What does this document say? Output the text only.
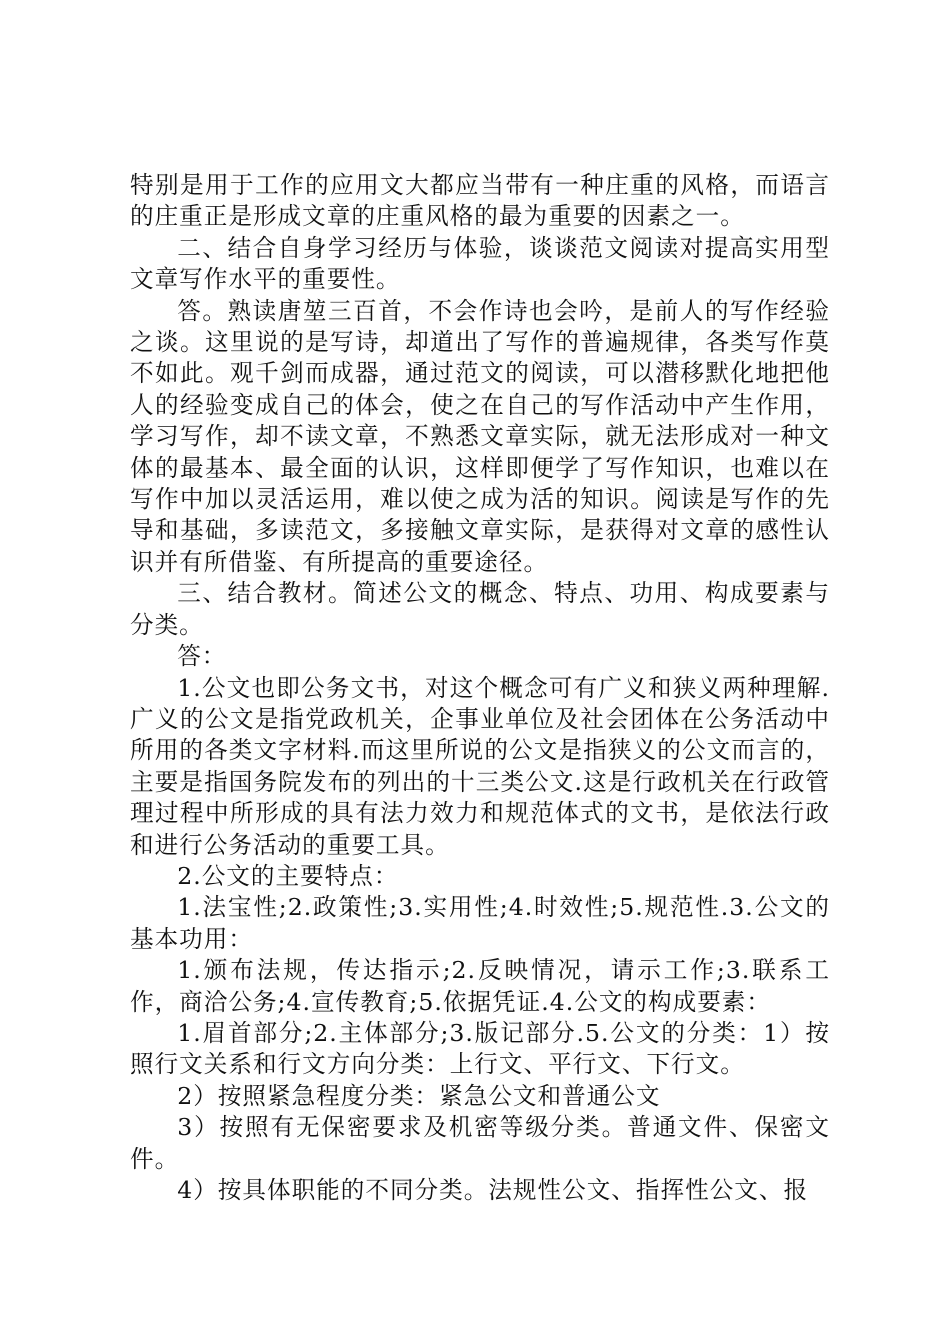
特别是用于工作的应用文大都应当带有一种庄重的风格，而语言的庄重正是形成文章的庄重风格的最为重要的因素之一。

二、结合自身学习经历与体验，谈谈范文阅读对提高实用型文章写作水平的重要性。

答。熟读唐堃三百首，不会作诗也会吟，是前人的写作经验之谈。这里说的是写诗，却道出了写作的普遍规律，各类写作莫不如此。观千剑而成器，通过范文的阅读，可以潜移默化地把他人的经验变成自己的体会，使之在自己的写作活动中产生作用，学习写作，却不读文章，不熟悉文章实际，就无法形成对一种文体的最基本、最全面的认识，这样即便学了写作知识，也难以在写作中加以灵活运用，难以使之成为活的知识。阅读是写作的先导和基础，多读范文，多接触文章实际，是获得对文章的感性认识并有所借鉴、有所提高的重要途径。

三、结合教材。简述公文的概念、特点、功用、构成要素与分类。

答：

1.公文也即公务文书，对这个概念可有广义和狭义两种理解.广义的公文是指党政机关，企事业单位及社会团体在公务活动中所用的各类文字材料.而这里所说的公文是指狭义的公文而言的，主要是指国务院发布的列出的十三类公文.这是行政机关在行政管理过程中所形成的具有法力效力和规范体式的文书，是依法行政和进行公务活动的重要工具。

2.公文的主要特点：

1.法宝性;2.政策性;3.实用性;4.时效性;5.规范性.3.公文的基本功用：

1.颁布法规，传达指示;2.反映情况，请示工作;3.联系工作，商洽公务;4.宣传教育;5.依据凭证.4.公文的构成要素：

1.眉首部分;2.主体部分;3.版记部分.5.公文的分类：1）按照行文关系和行文方向分类：上行文、平行文、下行文。

2）按照紧急程度分类：紧急公文和普通公文

3）按照有无保密要求及机密等级分类。普通文件、保密文件。

4）按具体职能的不同分类。法规性公文、指挥性公文、报
